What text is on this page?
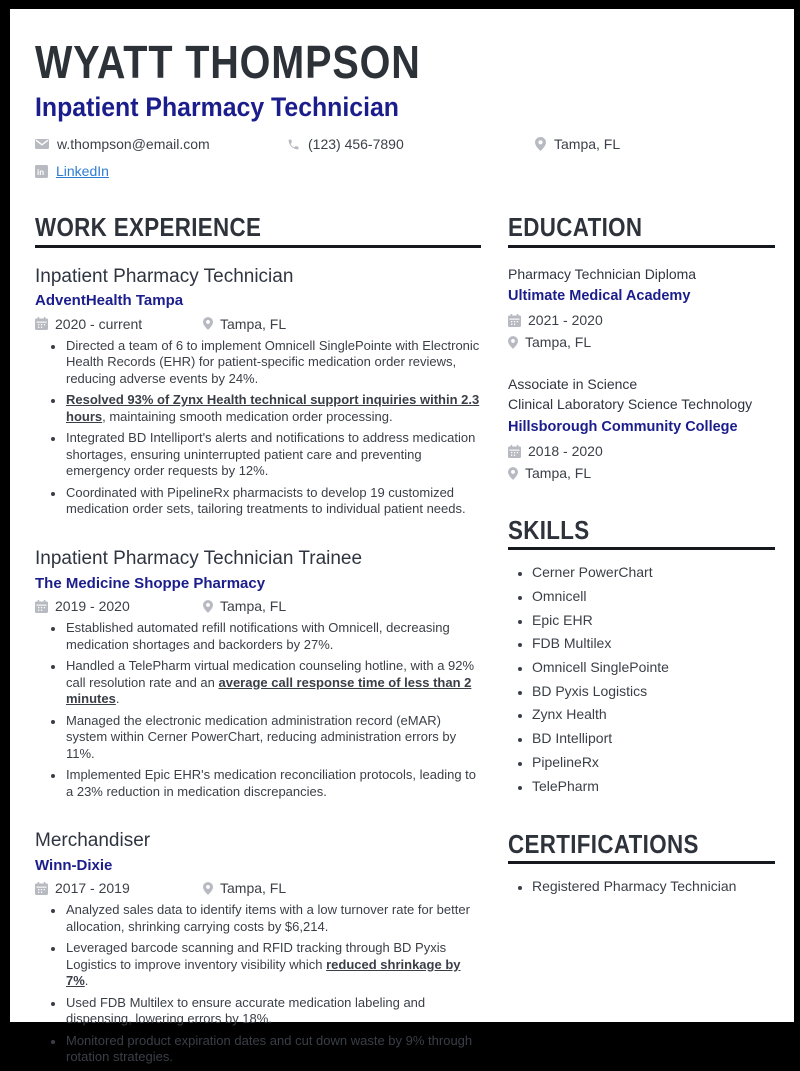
WYATT THOMPSON
Inpatient Pharmacy Technician
w.thompson@email.com	(123) 456-7890	Tampa, FL
in LinkedIn
WORK EXPERIENCE
Inpatient Pharmacy Technician
AdventHealth Tampa
2020 - current	Tampa, FL
• Directed a team of 6 to implement Omnicell SinglePointe with Electronic Health Records (EHR) for patient-specific medication order reviews, reducing adverse events by 24%.
• Resolved 93% of Zynx Health technical support inquiries within 2.3 hours, maintaining smooth medication order processing.
• Integrated BD Intelliport's alerts and notifications to address medication shortages, ensuring uninterrupted patient care and preventing emergency order requests by 12%.
• Coordinated with PipelineRx pharmacists to develop 19 customized medication order sets, tailoring treatments to individual patient needs.
Inpatient Pharmacy Technician Trainee
The Medicine Shoppe Pharmacy
2019 - 2020	Tampa, FL
• Established automated refill notifications with Omnicell, decreasing medication shortages and backorders by 27%.
• Handled a TelePharm virtual medication counseling hotline, with a 92% call resolution rate and an average call response time of less than 2 minutes.
• Managed the electronic medication administration record (eMAR) system within Cerner PowerChart, reducing administration errors by 11%.
• Implemented Epic EHR's medication reconciliation protocols, leading to a 23% reduction in medication discrepancies.
Merchandiser
Winn-Dixie
2017 - 2019	Tampa, FL
• Analyzed sales data to identify items with a low turnover rate for better allocation, shrinking carrying costs by $6,214.
• Leveraged barcode scanning and RFID tracking through BD Pyxis Logistics to improve inventory visibility which reduced shrinkage by 7%.
• Used FDB Multilex to ensure accurate medication labeling and dispensing, lowering errors by 18%.
• Monitored product expiration dates and cut down waste by 9% through rotation strategies.
EDUCATION
Pharmacy Technician Diploma
Ultimate Medical Academy
2021 - 2020
Tampa, FL
Associate in Science
Clinical Laboratory Science Technology
Hillsborough Community College
2018 - 2020
Tampa, FL
SKILLS
• Cerner PowerChart
• Omnicell
• Epic EHR
• FDB Multilex
• Omnicell SinglePointe
• BD Pyxis Logistics
• Zynx Health
• BD Intelliport
• PipelineRx
• TelePharm
CERTIFICATIONS
• Registered Pharmacy Technician
